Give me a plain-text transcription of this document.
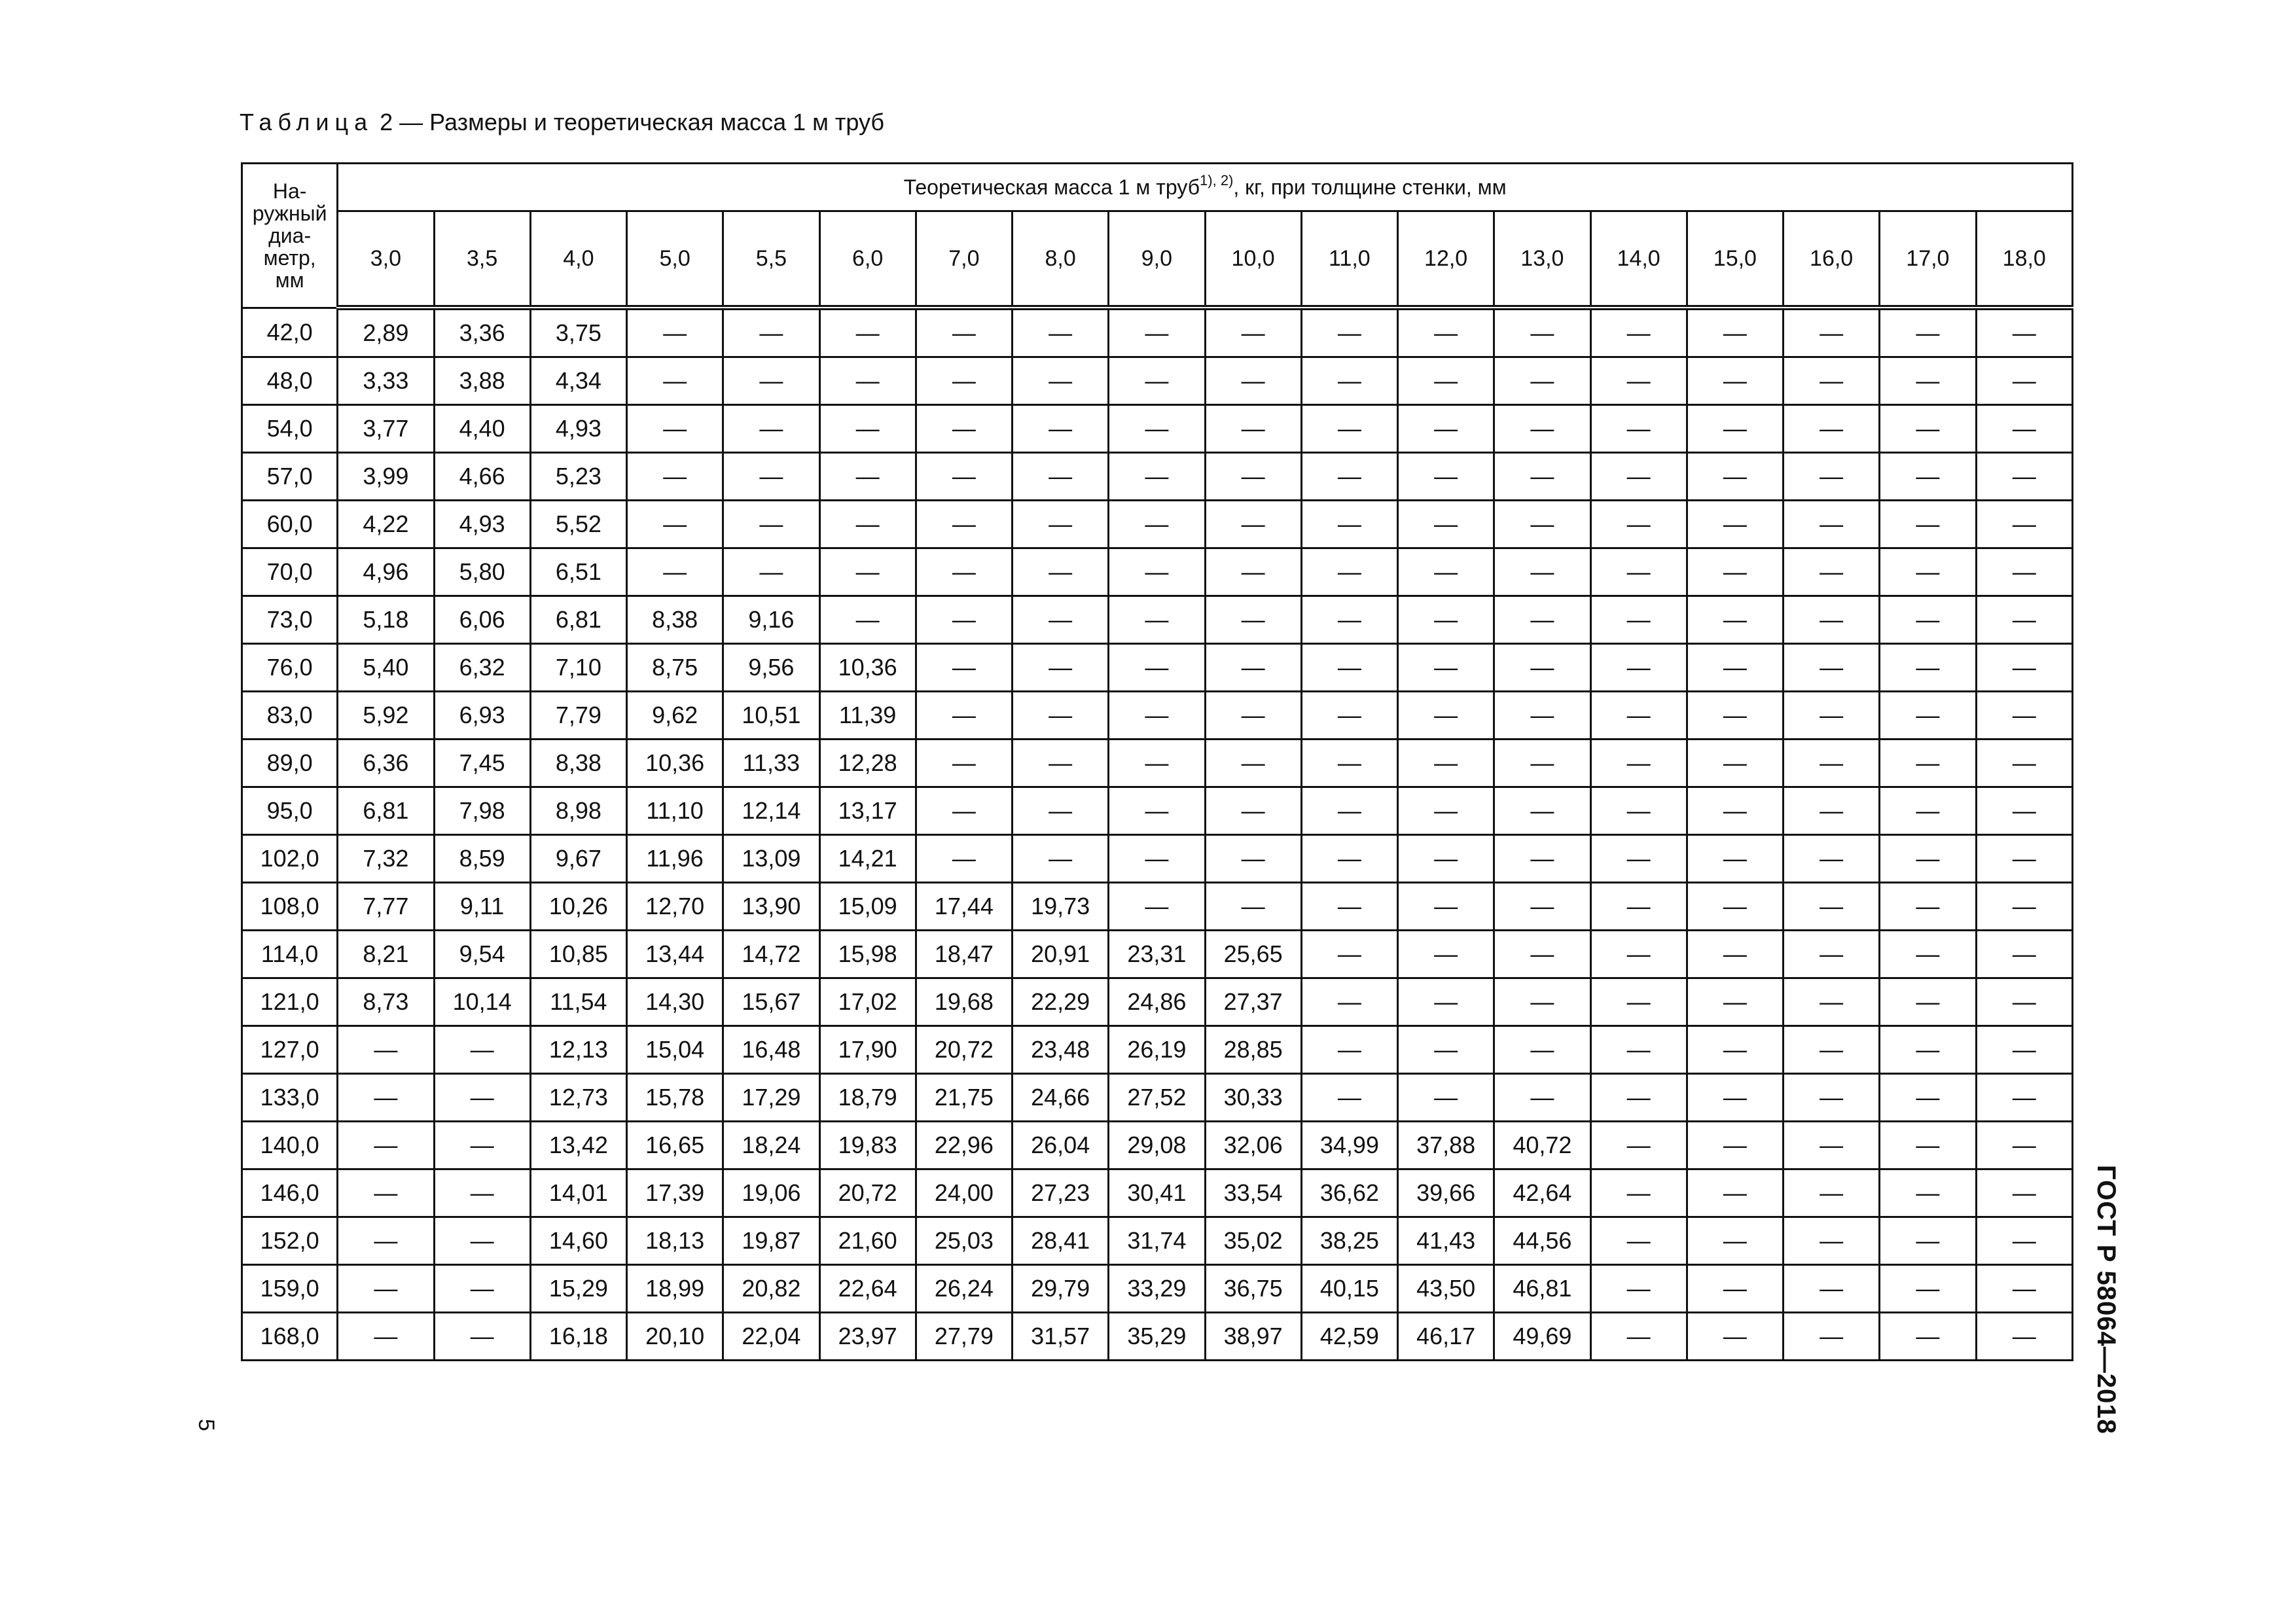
Таблица 2 — Размеры и теоретическая масса 1 м труб
На-
ружный
диа-
метр,
мм	Теоретическая масса 1 м труб$^{1), 2)}$, кг, при толщине стенки, мм																	
	3,0	3,5	4,0	5,0	5,5	6,0	7,0	8,0	9,0	10,0	11,0	12,0	13,0	14,0	15,0	16,0	17,0	18,0
42,0	2,89	3,36	3,75	—	—	—	—	—	—	—	—	—	—	—	—	—	—	—
48,0	3,33	3,88	4,34	—	—	—	—	—	—	—	—	—	—	—	—	—	—	—
54,0	3,77	4,40	4,93	—	—	—	—	—	—	—	—	—	—	—	—	—	—	—
57,0	3,99	4,66	5,23	—	—	—	—	—	—	—	—	—	—	—	—	—	—	—
60,0	4,22	4,93	5,52	—	—	—	—	—	—	—	—	—	—	—	—	—	—	—
70,0	4,96	5,80	6,51	—	—	—	—	—	—	—	—	—	—	—	—	—	—	—
73,0	5,18	6,06	6,81	8,38	9,16	—	—	—	—	—	—	—	—	—	—	—	—	—
76,0	5,40	6,32	7,10	8,75	9,56	10,36	—	—	—	—	—	—	—	—	—	—	—	—
83,0	5,92	6,93	7,79	9,62	10,51	11,39	—	—	—	—	—	—	—	—	—	—	—	—
89,0	6,36	7,45	8,38	10,36	11,33	12,28	—	—	—	—	—	—	—	—	—	—	—	—
95,0	6,81	7,98	8,98	11,10	12,14	13,17	—	—	—	—	—	—	—	—	—	—	—	—
102,0	7,32	8,59	9,67	11,96	13,09	14,21	—	—	—	—	—	—	—	—	—	—	—	—
108,0	7,77	9,11	10,26	12,70	13,90	15,09	17,44	19,73	—	—	—	—	—	—	—	—	—	—
114,0	8,21	9,54	10,85	13,44	14,72	15,98	18,47	20,91	23,31	25,65	—	—	—	—	—	—	—	—
121,0	8,73	10,14	11,54	14,30	15,67	17,02	19,68	22,29	24,86	27,37	—	—	—	—	—	—	—	—
127,0	—	—	12,13	15,04	16,48	17,90	20,72	23,48	26,19	28,85	—	—	—	—	—	—	—	—
133,0	—	—	12,73	15,78	17,29	18,79	21,75	24,66	27,52	30,33	—	—	—	—	—	—	—	—
140,0	—	—	13,42	16,65	18,24	19,83	22,96	26,04	29,08	32,06	34,99	37,88	40,72	—	—	—	—	—
146,0	—	—	14,01	17,39	19,06	20,72	24,00	27,23	30,41	33,54	36,62	39,66	42,64	—	—	—	—	—
152,0	—	—	14,60	18,13	19,87	21,60	25,03	28,41	31,74	35,02	38,25	41,43	44,56	—	—	—	—	—
159,0	—	—	15,29	18,99	20,82	22,64	26,24	29,79	33,29	36,75	40,15	43,50	46,81	—	—	—	—	—
168,0	—	—	16,18	20,10	22,04	23,97	27,79	31,57	35,29	38,97	42,59	46,17	49,69	—	—	—	—	— ГОСТ Р 58064—2018
5
